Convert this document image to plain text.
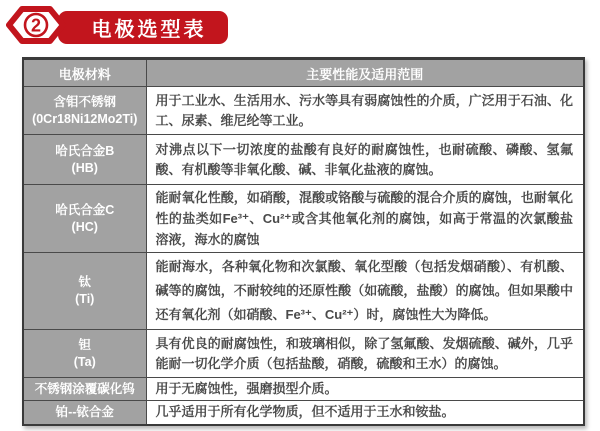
2	电极选型表
电极材料	主要性能及适用范围

含钼不锈钢
(0Cr18Ni12Mo2Ti)	用于工业水、生活用水、污水等具有弱腐蚀性的介质，广泛用于石油、化工、尿素、维尼纶等工业。

哈氏合金B
(HB)	对沸点以下一切浓度的盐酸有良好的耐腐蚀性，也耐硫酸、磷酸、氢氟酸、有机酸等非氧化酸、碱、非氧化盐液的腐蚀。

哈氏合金C
(HC)	能耐氧化性酸，如硝酸，混酸或铬酸与硫酸的混合介质的腐蚀，也耐氧化性的盐类如Fe³⁺、Cu²⁺或含其他氧化剂的腐蚀，如高于常温的次氯酸盐溶液，海水的腐蚀

钛
(Ti)	能耐海水，各种氧化物和次氯酸、氧化型酸（包括发烟硝酸）、有机酸、碱等的腐蚀，不耐较纯的还原性酸（如硫酸，盐酸）的腐蚀。但如果酸中还有氧化剂（如硝酸、Fe³⁺、Cu²⁺）时，腐蚀性大为降低。

钽
(Ta)	具有优良的耐腐蚀性，和玻璃相似，除了氢氟酸、发烟硫酸、碱外，几乎能耐一切化学介质（包括盐酸，硝酸，硫酸和王水）的腐蚀。

不锈钢涂覆碳化钨	用于无腐蚀性，强磨损型介质。

铂--铱合金	几乎适用于所有化学物质，但不适用于王水和铵盐。
